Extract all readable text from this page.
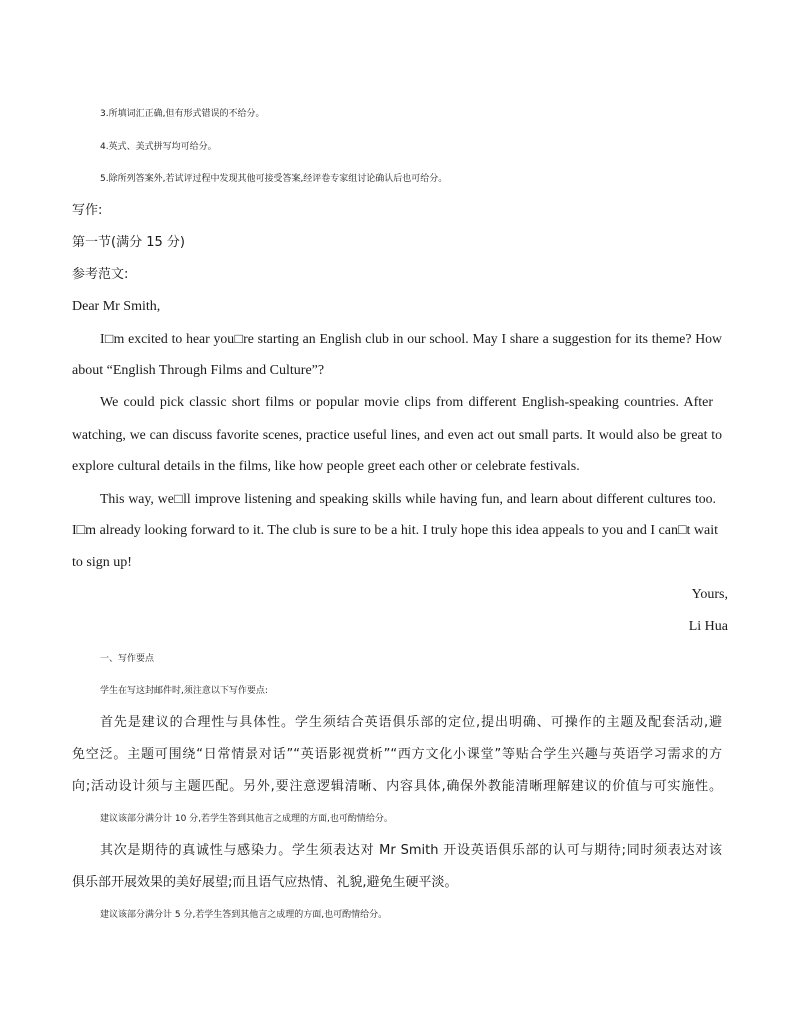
3.所填词汇正确,但有形式错误的不给分。
4.英式、美式拼写均可给分。
5.除所列答案外,若试评过程中发现其他可接受答案,经评卷专家组讨论确认后也可给分。
写作:
第一节(满分 15 分)
参考范文:
Dear Mr Smith,
I□m excited to hear you□re starting an English club in our school. May I share a suggestion for its theme? How
about “English Through Films and Culture”?
We could pick classic short films or popular movie clips from different English-speaking countries. After
watching, we can discuss favorite scenes, practice useful lines, and even act out small parts. It would also be great to
explore cultural details in the films, like how people greet each other or celebrate festivals.
This way, we□ll improve listening and speaking skills while having fun, and learn about different cultures too.
I□m already looking forward to it. The club is sure to be a hit. I truly hope this idea appeals to you and I can□t wait
to sign up!
Yours,
Li Hua
一、写作要点
学生在写这封邮件时,须注意以下写作要点:
首先是建议的合理性与具体性。学生须结合英语俱乐部的定位,提出明确、可操作的主题及配套活动,避
免空泛。主题可围绕“日常情景对话”“英语影视赏析”“西方文化小课堂”等贴合学生兴趣与英语学习需求的方
向;活动设计须与主题匹配。另外,要注意逻辑清晰、内容具体,确保外教能清晰理解建议的价值与可实施性。
建议该部分满分计 10 分,若学生答到其他言之成理的方面,也可酌情给分。
其次是期待的真诚性与感染力。学生须表达对 Mr Smith 开设英语俱乐部的认可与期待;同时须表达对该
俱乐部开展效果的美好展望;而且语气应热情、礼貌,避免生硬平淡。
建议该部分满分计 5 分,若学生答到其他言之成理的方面,也可酌情给分。
